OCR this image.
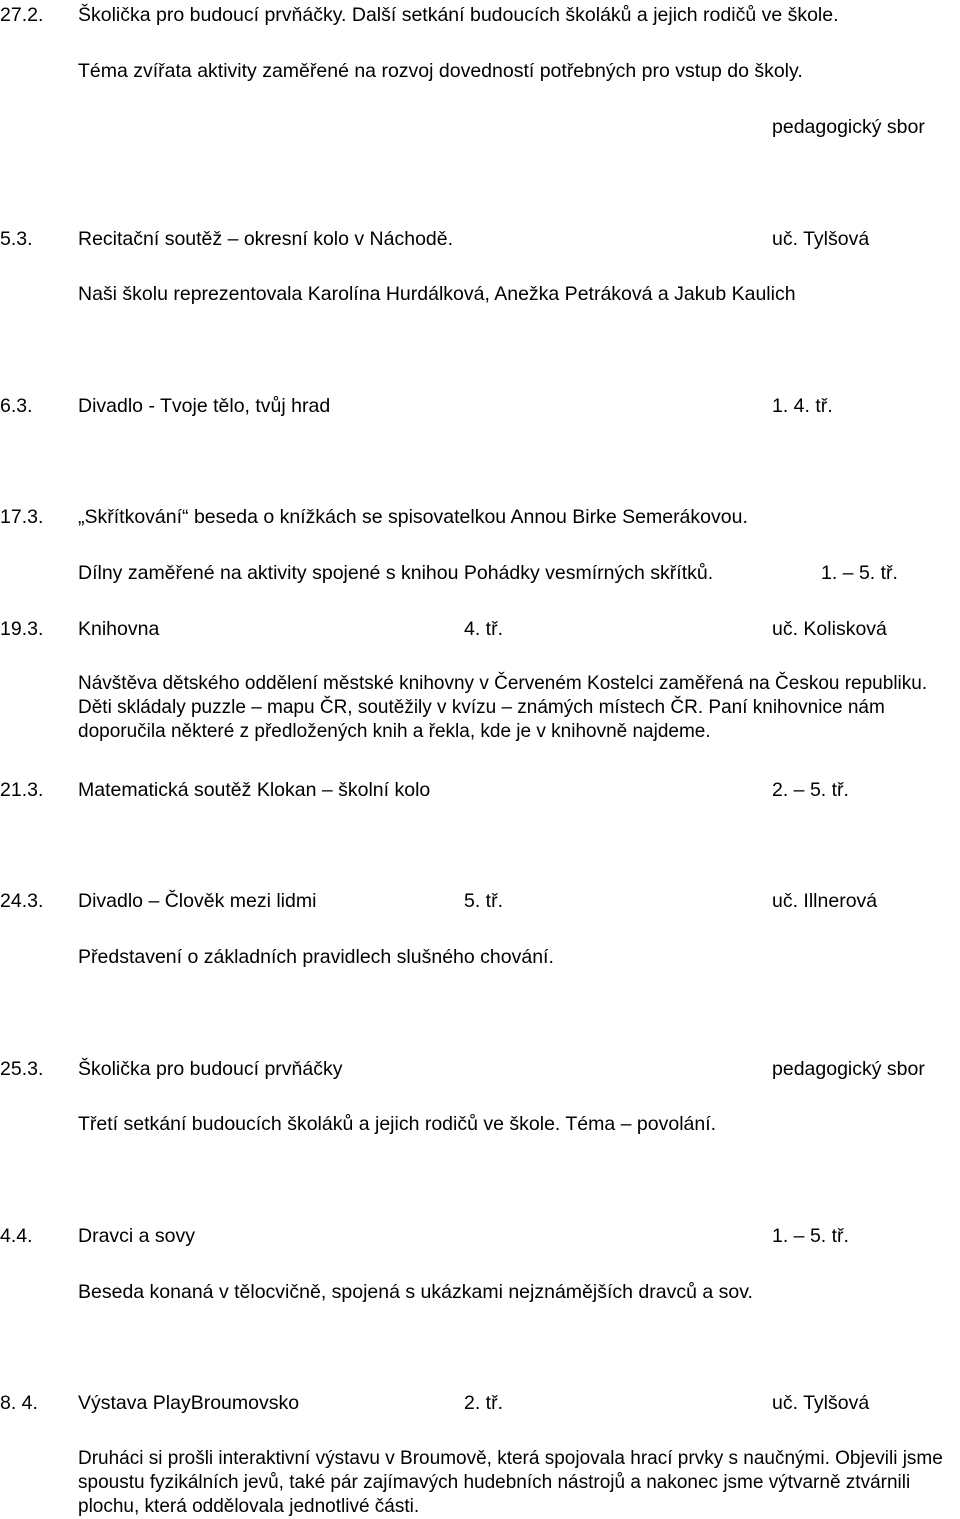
27.2. Školička pro budoucí prvňáčky. Další setkání budoucích školáků a jejich rodičů ve škole.
Téma zvířata aktivity zaměřené na rozvoj dovedností potřebných pro vstup do školy.
pedagogický sbor
5.3. Recitační soutěž – okresní kolo v Náchodě.	uč. Tylšová
Naši školu reprezentovala Karolína Hurdálková, Anežka Petráková a Jakub Kaulich
6.3. Divadlo - Tvoje tělo, tvůj hrad	1. 4. tř.
17.3. „Skřítkování“ beseda o knížkách se spisovatelkou Annou Birke Semerákovou.
Dílny zaměřené na aktivity spojené s knihou Pohádky vesmírných skřítků.	1. – 5. tř.
19.3. Knihovna	4. tř.	uč. Kolisková
Návštěva dětského oddělení městské knihovny v Červeném Kostelci zaměřená na Českou republiku. Děti skládaly puzzle – mapu ČR, soutěžily v kvízu – známých místech ČR. Paní knihovnice nám doporučila některé z předložených knih a řekla, kde je v knihovně najdeme.
21.3. Matematická soutěž Klokan – školní kolo	2. – 5. tř.
24.3. Divadlo – Člověk mezi lidmi	5. tř.	uč. Illnerová
Představení o základních pravidlech slušného chování.
25.3. Školička pro budoucí prvňáčky	pedagogický sbor
Třetí setkání budoucích školáků a jejich rodičů ve škole. Téma – povolání.
4.4. Dravci a sovy	1. – 5. tř.
Beseda konaná v tělocvičně, spojená s ukázkami nejznámějších dravců a sov.
8. 4. Výstava PlayBroumovsko	2. tř.	uč. Tylšová
Druháci si prošli interaktivní výstavu v Broumově, která spojovala hrací prvky s naučnými. Objevili jsme spoustu fyzikálních jevů, také pár zajímavých hudebních nástrojů a nakonec jsme výtvarně ztvárnili plochu, která oddělovala jednotlivé části.
